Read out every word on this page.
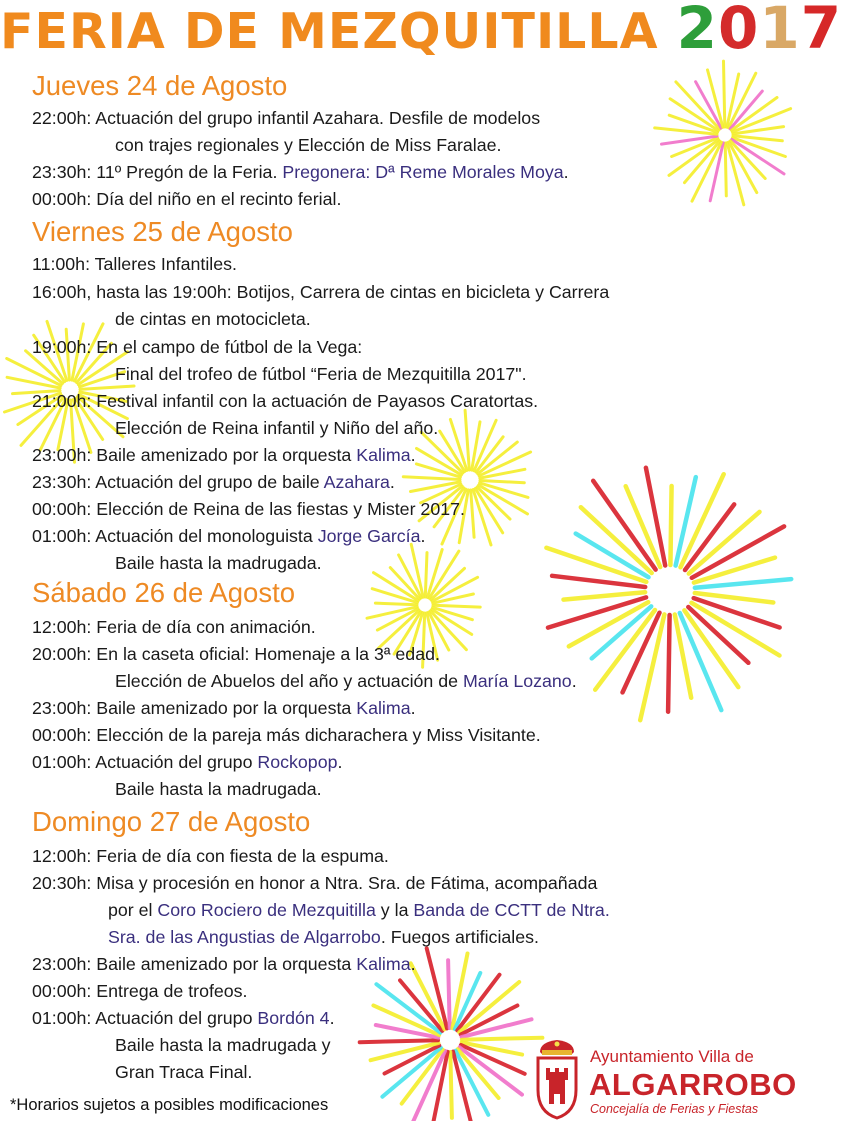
FERIA DE MEZQUITILLA 2017
Jueves 24 de Agosto
22:00h: Actuación del grupo infantil Azahara. Desfile de modelos
con trajes regionales y Elección de Miss Faralae.
23:30h: 11º Pregón de la Feria. Pregonera: Dª Reme Morales Moya.
00:00h: Día del niño en el recinto ferial.
Viernes 25 de Agosto
11:00h: Talleres Infantiles.
16:00h, hasta las 19:00h: Botijos, Carrera de cintas en bicicleta y Carrera
de cintas en motocicleta.
19:00h: En el campo de fútbol de la Vega:
Final del trofeo de fútbol “Feria de Mezquitilla 2017".
21:00h: Festival infantil con la actuación de Payasos Caratortas.
Elección de Reina infantil y Niño del año.
23:00h: Baile amenizado por la orquesta Kalima.
23:30h: Actuación del grupo de baile Azahara.
00:00h: Elección de Reina de las fiestas y Mister 2017.
01:00h: Actuación del monologuista Jorge García.
Baile hasta la madrugada.
Sábado 26 de Agosto
12:00h: Feria de día con animación.
20:00h: En la caseta oficial: Homenaje a la 3ª edad.
Elección de Abuelos del año y actuación de María Lozano.
23:00h: Baile amenizado por la orquesta Kalima.
00:00h: Elección de la pareja más dicharachera y Miss Visitante.
01:00h: Actuación del grupo Rockopop.
Baile hasta la madrugada.
Domingo 27 de Agosto
12:00h: Feria de día con fiesta de la espuma.
20:30h: Misa y procesión en honor a Ntra. Sra. de Fátima, acompañada
por el Coro Rociero de Mezquitilla y la Banda de CCTT de Ntra.
Sra. de las Angustias de Algarrobo. Fuegos artificiales.
23:00h: Baile amenizado por la orquesta Kalima.
00:00h: Entrega de trofeos.
01:00h: Actuación del grupo Bordón 4.
Baile hasta la madrugada y
Gran Traca Final.
*Horarios sujetos a posibles modificaciones
Ayuntamiento Villa de
ALGARROBO
Concejalía de Ferias y Fiestas
